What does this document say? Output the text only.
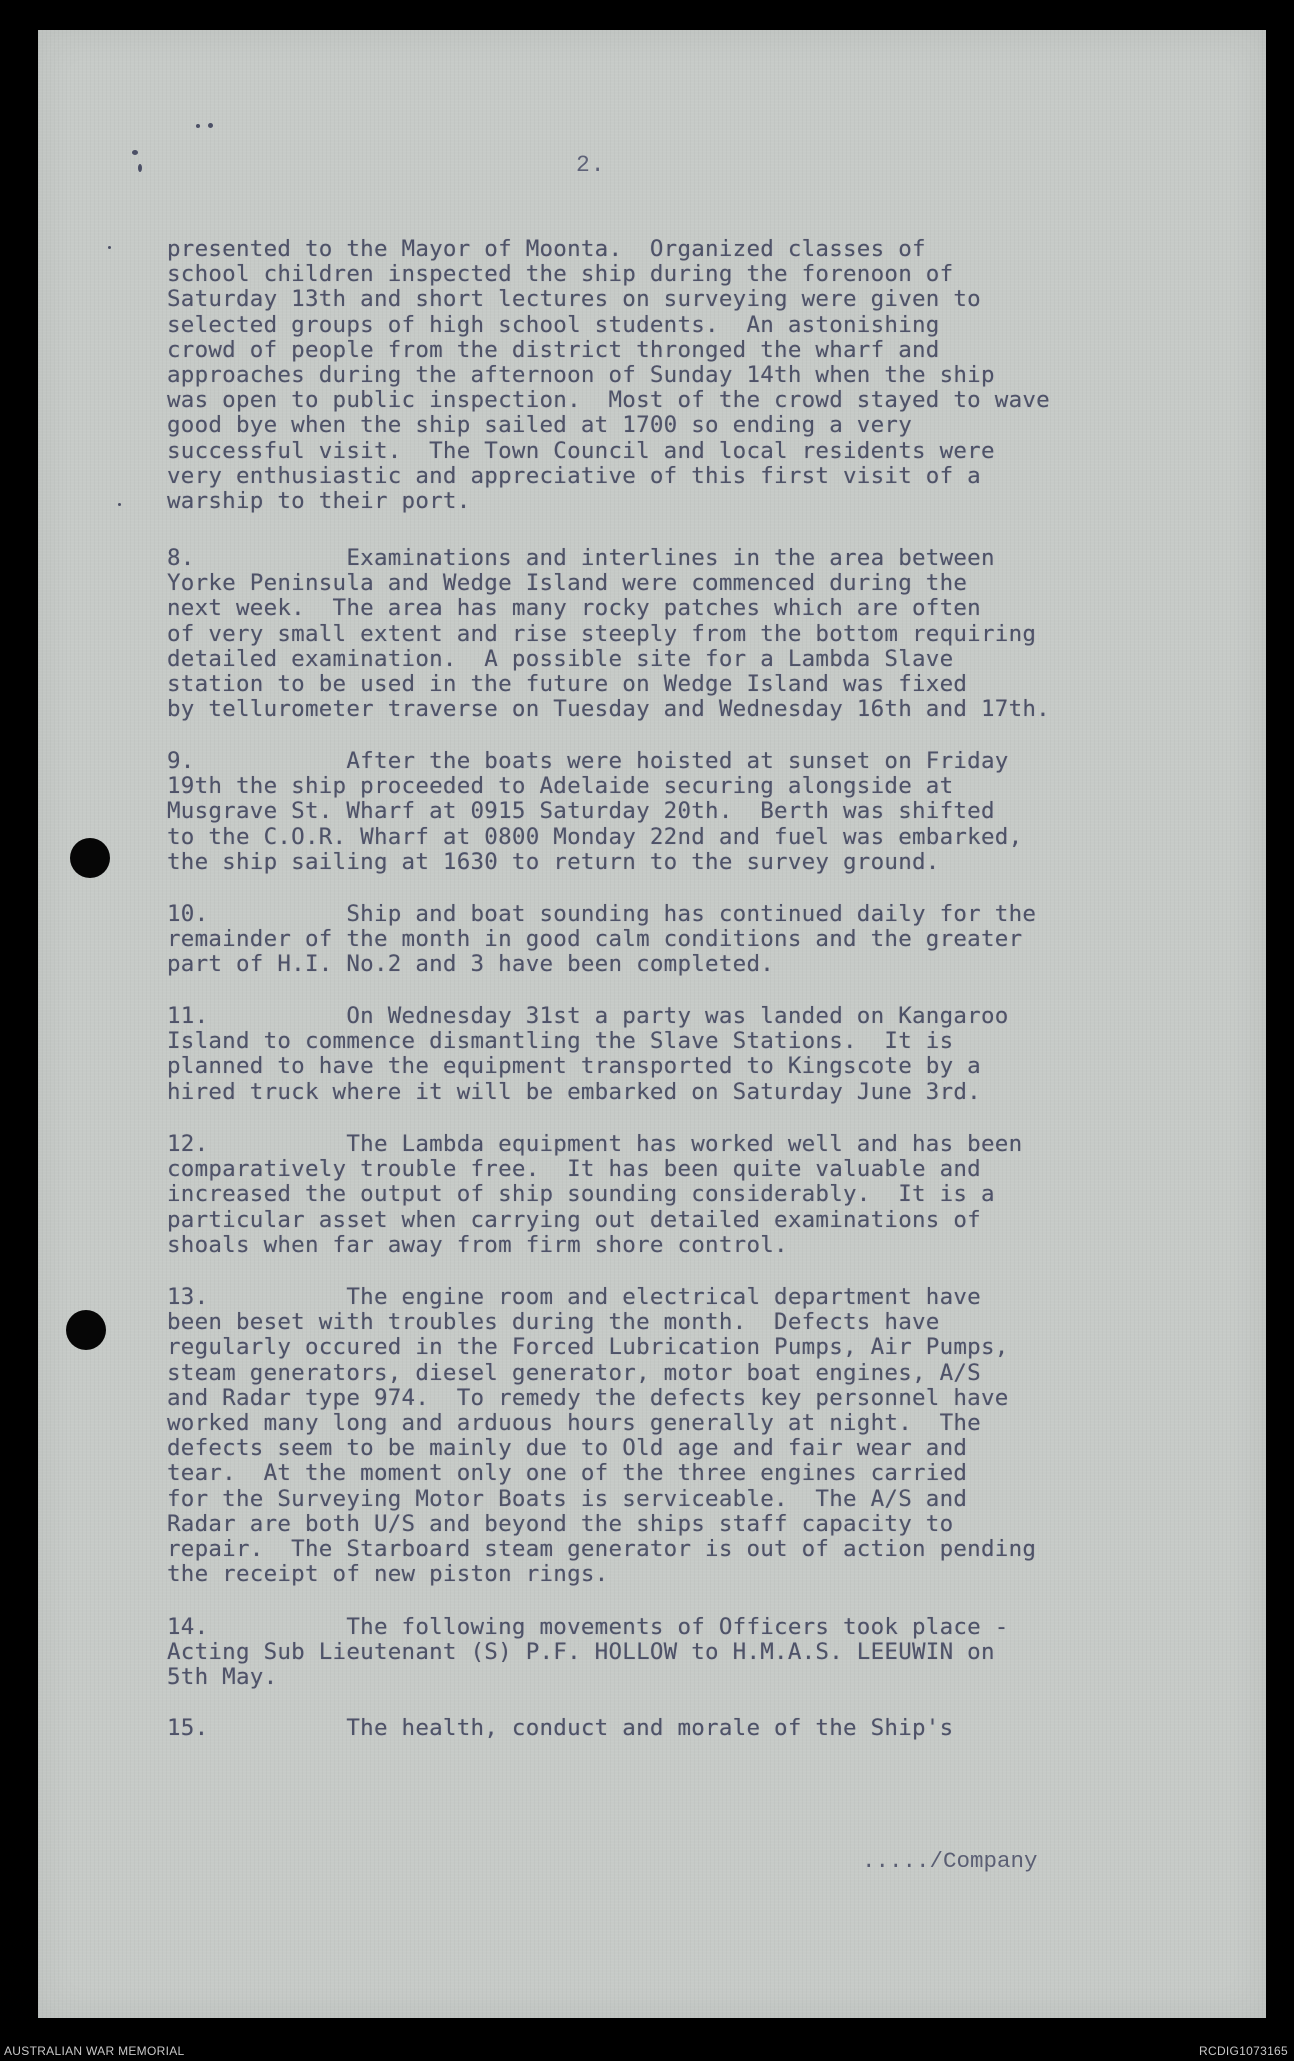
2.
presented to the Mayor of Moonta.  Organized classes of
school children inspected the ship during the forenoon of
Saturday 13th and short lectures on surveying were given to
selected groups of high school students.  An astonishing
crowd of people from the district thronged the wharf and
approaches during the afternoon of Sunday 14th when the ship
was open to public inspection.  Most of the crowd stayed to wave
good bye when the ship sailed at 1700 so ending a very
successful visit.  The Town Council and local residents were
very enthusiastic and appreciative of this first visit of a
warship to their port.
8.           Examinations and interlines in the area between
Yorke Peninsula and Wedge Island were commenced during the
next week.  The area has many rocky patches which are often
of very small extent and rise steeply from the bottom requiring
detailed examination.  A possible site for a Lambda Slave
station to be used in the future on Wedge Island was fixed
by tellurometer traverse on Tuesday and Wednesday 16th and 17th.
9.           After the boats were hoisted at sunset on Friday
19th the ship proceeded to Adelaide securing alongside at
Musgrave St. Wharf at 0915 Saturday 20th.  Berth was shifted
to the C.O.R. Wharf at 0800 Monday 22nd and fuel was embarked,
the ship sailing at 1630 to return to the survey ground.
10.          Ship and boat sounding has continued daily for the
remainder of the month in good calm conditions and the greater
part of H.I. No.2 and 3 have been completed.
11.          On Wednesday 31st a party was landed on Kangaroo
Island to commence dismantling the Slave Stations.  It is
planned to have the equipment transported to Kingscote by a
hired truck where it will be embarked on Saturday June 3rd.
12.          The Lambda equipment has worked well and has been
comparatively trouble free.  It has been quite valuable and
increased the output of ship sounding considerably.  It is a
particular asset when carrying out detailed examinations of
shoals when far away from firm shore control.
13.          The engine room and electrical department have
been beset with troubles during the month.  Defects have
regularly occured in the Forced Lubrication Pumps, Air Pumps,
steam generators, diesel generator, motor boat engines, A/S
and Radar type 974.  To remedy the defects key personnel have
worked many long and arduous hours generally at night.  The
defects seem to be mainly due to Old age and fair wear and
tear.  At the moment only one of the three engines carried
for the Surveying Motor Boats is serviceable.  The A/S and
Radar are both U/S and beyond the ships staff capacity to
repair.  The Starboard steam generator is out of action pending
the receipt of new piston rings.
14.          The following movements of Officers took place -
Acting Sub Lieutenant (S) P.F. HOLLOW to H.M.A.S. LEEUWIN on
5th May.
15.          The health, conduct and morale of the Ship's
...../Company
AUSTRALIAN WAR MEMORIAL	RCDIG1073165
